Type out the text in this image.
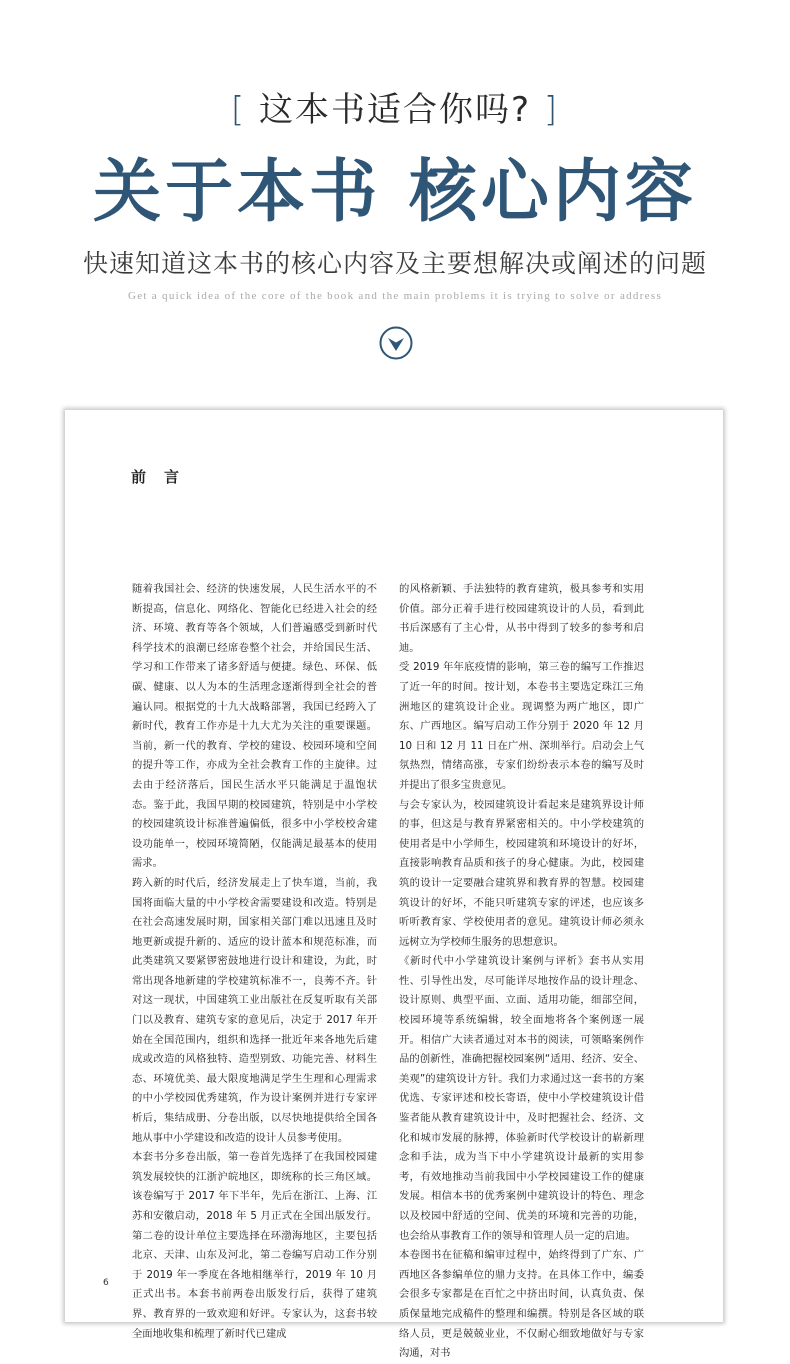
[ 这本书适合你吗? ]
关于本书 核心内容
快速知道这本书的核心内容及主要想解决或阐述的问题
Get a quick idea of the core of the book and the main problems it is trying to solve or address
前言

随着我国社会、经济的快速发展，人民生活水平的不断提高，信息化、网络化、智能化已经进入社会的经济、环境、教育等各个领域，人们普遍感受到新时代科学技术的浪潮已经席卷整个社会，并给国民生活、学习和工作带来了诸多舒适与便捷。绿色、环保、低碳、健康、以人为本的生活理念逐渐得到全社会的普遍认同。根据党的十九大战略部署，我国已经跨入了新时代，教育工作亦是十九大尤为关注的重要课题。当前，新一代的教育、学校的建设、校园环境和空间的提升等工作，亦成为全社会教育工作的主旋律。过去由于经济落后，国民生活水平只能满足于温饱状态。鉴于此，我国早期的校园建筑，特别是中小学校的校园建筑设计标准普遍偏低，很多中小学校校舍建设功能单一，校园环境简陋，仅能满足最基本的使用需求。

跨入新的时代后，经济发展走上了快车道，当前，我国将面临大量的中小学校舍需要建设和改造。特别是在社会高速发展时期，国家相关部门难以迅速且及时地更新或提升新的、适应的设计蓝本和规范标准，而此类建筑又要紧锣密鼓地进行设计和建设，为此，时常出现各地新建的学校建筑标准不一，良莠不齐。针对这一现状，中国建筑工业出版社在反复听取有关部门以及教育、建筑专家的意见后，决定于 2017 年开始在全国范围内，组织和选择一批近年来各地先后建成或改造的风格独特、造型别致、功能完善、材料生态、环境优美、最大限度地满足学生生理和心理需求的中小学校园优秀建筑，作为设计案例并进行专家评析后，集结成册、分卷出版，以尽快地提供给全国各地从事中小学建设和改造的设计人员参考使用。

本套书分多卷出版，第一卷首先选择了在我国校园建筑发展较快的江浙沪皖地区，即统称的长三角区域。该卷编写于 2017 年下半年，先后在浙江、上海、江苏和安徽启动，2018 年 5 月正式在全国出版发行。第二卷的设计单位主要选择在环渤海地区，主要包括北京、天津、山东及河北，第二卷编写启动工作分别于 2019 年一季度在各地相继举行，2019 年 10 月正式出书。本套书前两卷出版发行后，获得了建筑界、教育界的一致欢迎和好评。专家认为，这套书较全面地收集和梳理了新时代已建成

的风格新颖、手法独特的教育建筑，极具参考和实用价值。部分正着手进行校园建筑设计的人员，看到此书后深感有了主心骨，从书中得到了较多的参考和启迪。

受 2019 年年底疫情的影响，第三卷的编写工作推迟了近一年的时间。按计划，本卷书主要选定珠江三角洲地区的建筑设计企业。现调整为两广地区，即广东、广西地区。编写启动工作分别于 2020 年 12 月 10 日和 12 月 11 日在广州、深圳举行。启动会上气氛热烈，情绪高涨，专家们纷纷表示本卷的编写及时并提出了很多宝贵意见。

与会专家认为，校园建筑设计看起来是建筑界设计师的事，但这是与教育界紧密相关的。中小学校建筑的使用者是中小学师生，校园建筑和环境设计的好坏，直接影响教育品质和孩子的身心健康。为此，校园建筑的设计一定要融合建筑界和教育界的智慧。校园建筑设计的好坏，不能只听建筑专家的评述，也应该多听听教育家、学校使用者的意见。建筑设计师必须永远树立为学校师生服务的思想意识。

《新时代中小学建筑设计案例与评析》套书从实用性、引导性出发，尽可能详尽地按作品的设计理念、设计原则、典型平面、立面、适用功能，细部空间，校园环境等系统编辑，较全面地将各个案例逐一展开。相信广大读者通过对本书的阅读，可领略案例作品的创新性，准确把握校园案例“适用、经济、安全、美观”的建筑设计方针。我们力求通过这一套书的方案优选、专家评述和校长寄语，使中小学校建筑设计借鉴者能从教育建筑设计中，及时把握社会、经济、文化和城市发展的脉搏，体验新时代学校设计的崭新理念和手法，成为当下中小学建筑设计最新的实用参考，有效地推动当前我国中小学校园建设工作的健康发展。相信本书的优秀案例中建筑设计的特色、理念以及校园中舒适的空间、优美的环境和完善的功能，也会给从事教育工作的领导和管理人员一定的启迪。

本卷图书在征稿和编审过程中，始终得到了广东、广西地区各参编单位的鼎力支持。在具体工作中，编委会很多专家都是在百忙之中挤出时间，认真负责、保质保量地完成稿件的整理和编撰。特别是各区域的联络人员，更是兢兢业业，不仅耐心细致地做好与专家沟通，对书

6
